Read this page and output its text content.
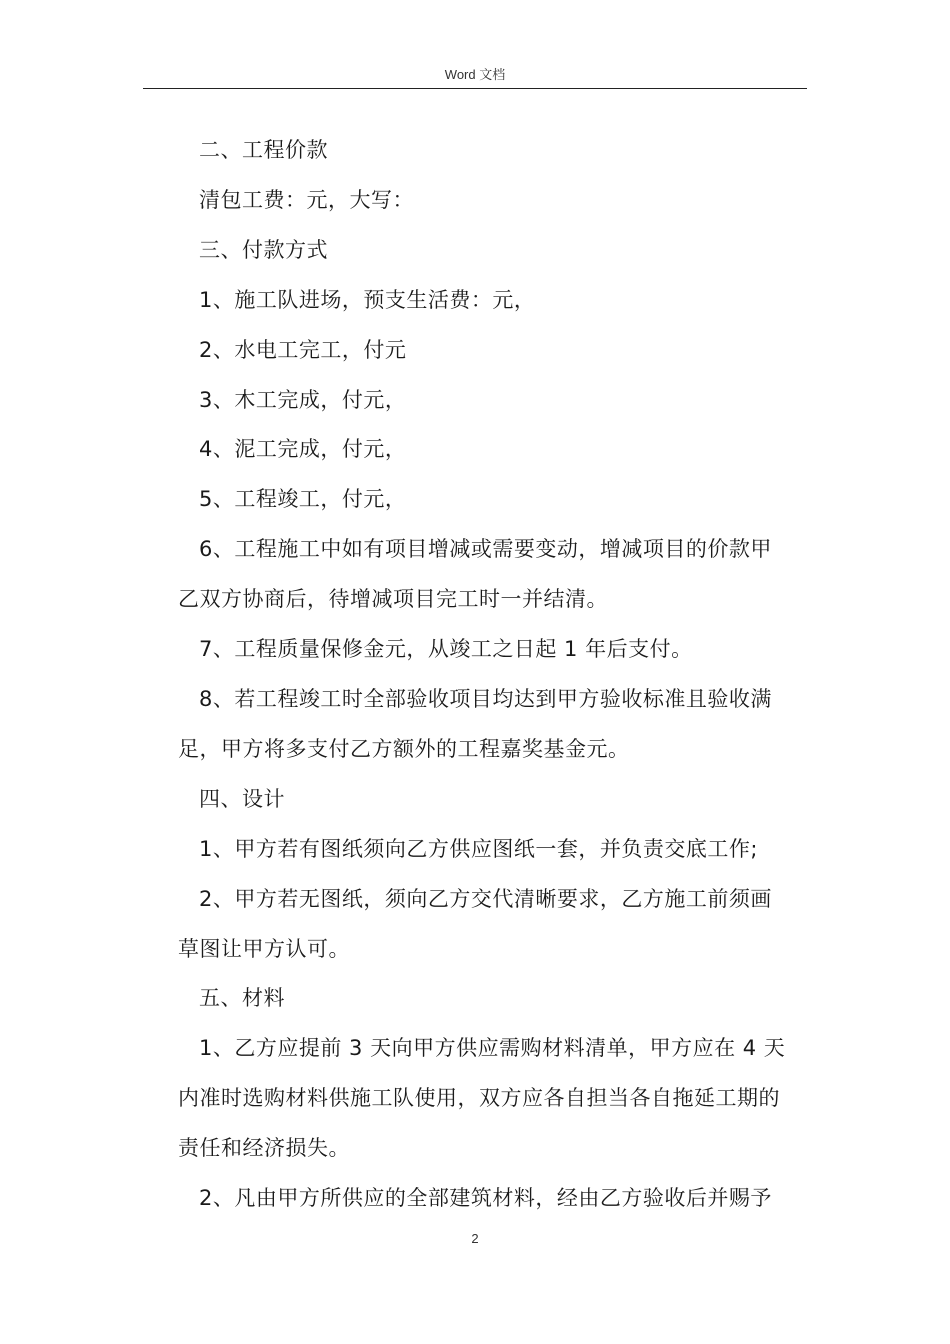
Word 文档

二、工程价款

清包工费：元，大写：

三、付款方式

1、施工队进场，预支生活费：元，

2、水电工完工，付元

3、木工完成，付元，

4、泥工完成，付元，

5、工程竣工，付元，

6、工程施工中如有项目增减或需要变动，增减项目的价款甲

乙双方协商后，待增减项目完工时一并结清。

7、工程质量保修金元，从竣工之日起 1 年后支付。

8、若工程竣工时全部验收项目均达到甲方验收标准且验收满

足，甲方将多支付乙方额外的工程嘉奖基金元。

四、设计

1、甲方若有图纸须向乙方供应图纸一套，并负责交底工作;

2、甲方若无图纸，须向乙方交代清晰要求，乙方施工前须画

草图让甲方认可。

五、材料

1、乙方应提前 3 天向甲方供应需购材料清单，甲方应在 4 天

内准时选购材料供施工队使用，双方应各自担当各自拖延工期的

责任和经济损失。

2、凡由甲方所供应的全部建筑材料，经由乙方验收后并赐予

2
